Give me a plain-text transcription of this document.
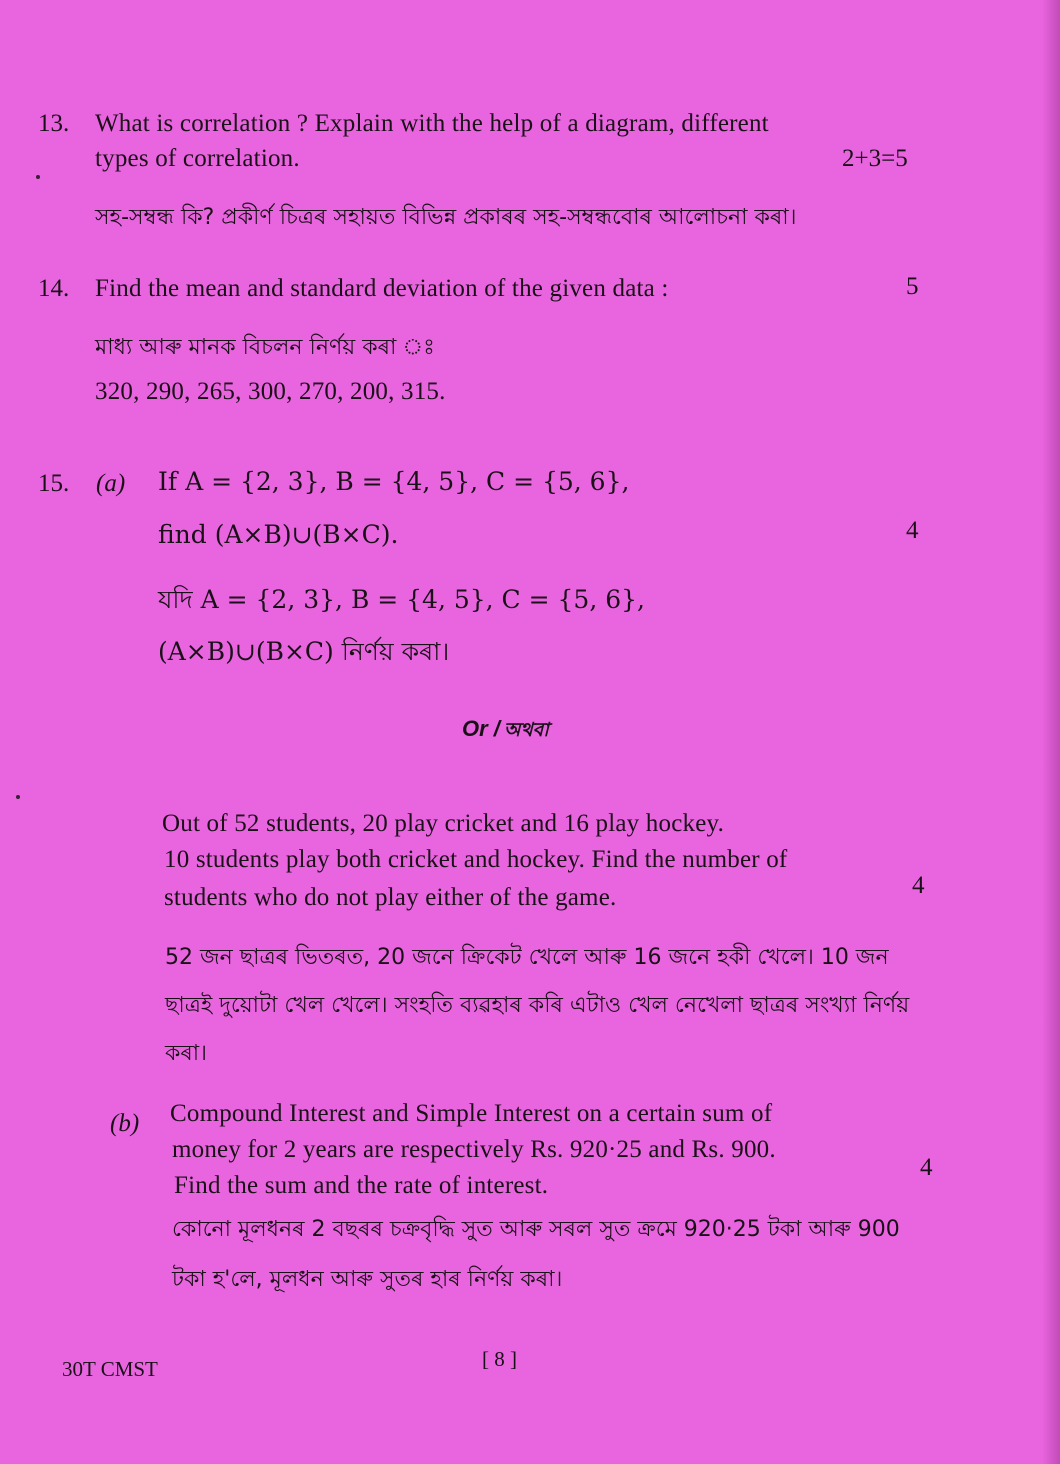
13. What is correlation ? Explain with the help of a diagram, different
types of correlation.	2+3=5
সহ-সম্বন্ধ কি? প্ৰকীৰ্ণ চিত্ৰৰ সহায়ত বিভিন্ন প্ৰকাৰৰ সহ-সম্বন্ধবোৰ আলোচনা কৰা।
14. Find the mean and standard deviation of the given data :	5
মাধ্য আৰু মানক বিচলন নিৰ্ণয় কৰা ঃ
320, 290, 265, 300, 270, 200, 315.
15. (a) If A = {2, 3}, B = {4, 5}, C = {5, 6},
find (A×B)∪(B×C).	4
যদি A = {2, 3}, B = {4, 5}, C = {5, 6},
(A×B)∪(B×C) নিৰ্ণয় কৰা।
Or / অথবা
Out of 52 students, 20 play cricket and 16 play hockey.
10 students play both cricket and hockey. Find the number of
students who do not play either of the game.	4
52 জন ছাত্ৰৰ ভিতৰত, 20 জনে ক্ৰিকেট খেলে আৰু 16 জনে হকী খেলে। 10 জন
ছাত্ৰই দুয়োটা খেল খেলে। সংহতি ব্যৱহাৰ কৰি এটাও খেল নেখেলা ছাত্ৰৰ সংখ্যা নিৰ্ণয়
কৰা।
(b) Compound Interest and Simple Interest on a certain sum of
money for 2 years are respectively Rs. 920·25 and Rs. 900.
Find the sum and the rate of interest.
4
কোনো মূলধনৰ 2 বছৰৰ চক্ৰবৃদ্ধি সুত আৰু সৰল সুত ক্ৰমে 920·25 টকা আৰু 900
টকা হ'লে, মূলধন আৰু সুতৰ হাৰ নিৰ্ণয় কৰা।
30T CMST	[ 8 ]
